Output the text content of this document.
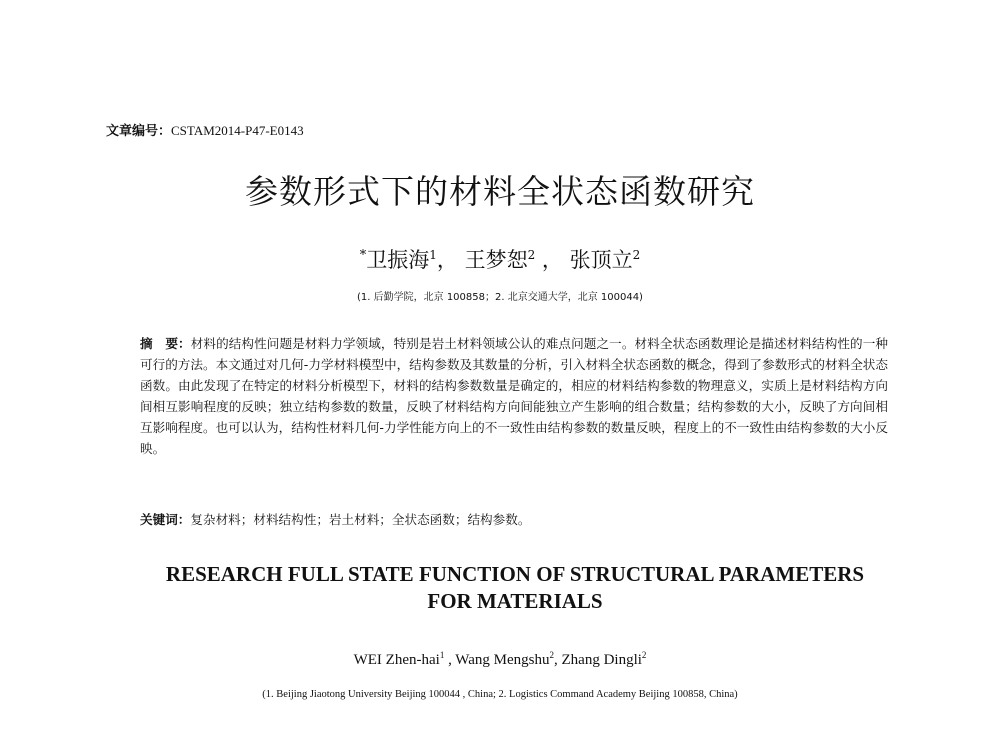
文章编号：CSTAM2014-P47-E0143
参数形式下的材料全状态函数研究
*卫振海$^1$， 王梦恕$^2$ ， 张顶立$^2$
(1. 后勤学院，北京 100858；2. 北京交通大学，北京 100044)
摘　要：材料的结构性问题是材料力学领域，特别是岩土材料领域公认的难点问题之一。材料全状态函数理论是描述材料结构性的一种可行的方法。本文通过对几何-力学材料模型中，结构参数及其数量的分析，引入材料全状态函数的概念，得到了参数形式的材料全状态函数。由此发现了在特定的材料分析模型下，材料的结构参数数量是确定的，相应的材料结构参数的物理意义，实质上是材料结构方向间相互影响程度的反映；独立结构参数的数量，反映了材料结构方向间能独立产生影响的组合数量；结构参数的大小，反映了方向间相互影响程度。也可以认为，结构性材料几何-力学性能方向上的不一致性由结构参数的数量反映，程度上的不一致性由结构参数的大小反映。
关键词：复杂材料；材料结构性；岩土材料；全状态函数；结构参数。
RESEARCH FULL STATE FUNCTION OF STRUCTURAL PARAMETERS
FOR MATERIALS
WEI Zhen-hai$^1$ , Wang Mengshu$^2$, Zhang Dingli$^2$
(1. Beijing Jiaotong University Beijing 100044 , China; 2. Logistics Command Academy Beijing 100858, China)
